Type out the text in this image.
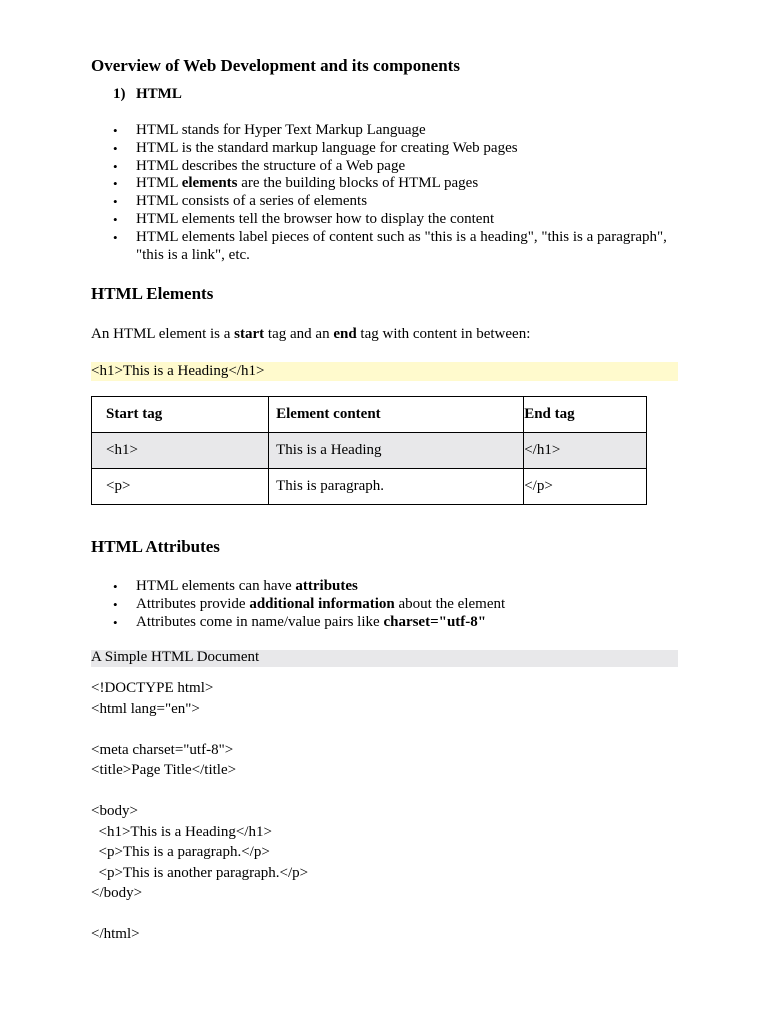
Overview of Web Development and its components
1) HTML
• HTML stands for Hyper Text Markup Language
• HTML is the standard markup language for creating Web pages
• HTML describes the structure of a Web page
• HTML elements are the building blocks of HTML pages
• HTML consists of a series of elements
• HTML elements tell the browser how to display the content
• HTML elements label pieces of content such as "this is a heading", "this is a paragraph", "this is a link", etc.
HTML Elements
An HTML element is a start tag and an end tag with content in between:
<h1>This is a Heading</h1>
Start tag	Element content	End tag
<h1>	This is a Heading	</h1>
<p>	This is paragraph.	</p>
HTML Attributes
• HTML elements can have attributes
• Attributes provide additional information about the element
• Attributes come in name/value pairs like charset="utf-8"
A Simple HTML Document
<!DOCTYPE html>
<html lang="en">
<meta charset="utf-8">
<title>Page Title</title>
<body>
<h1>This is a Heading</h1>
<p>This is a paragraph.</p>
<p>This is another paragraph.</p>
</body>
</html>
